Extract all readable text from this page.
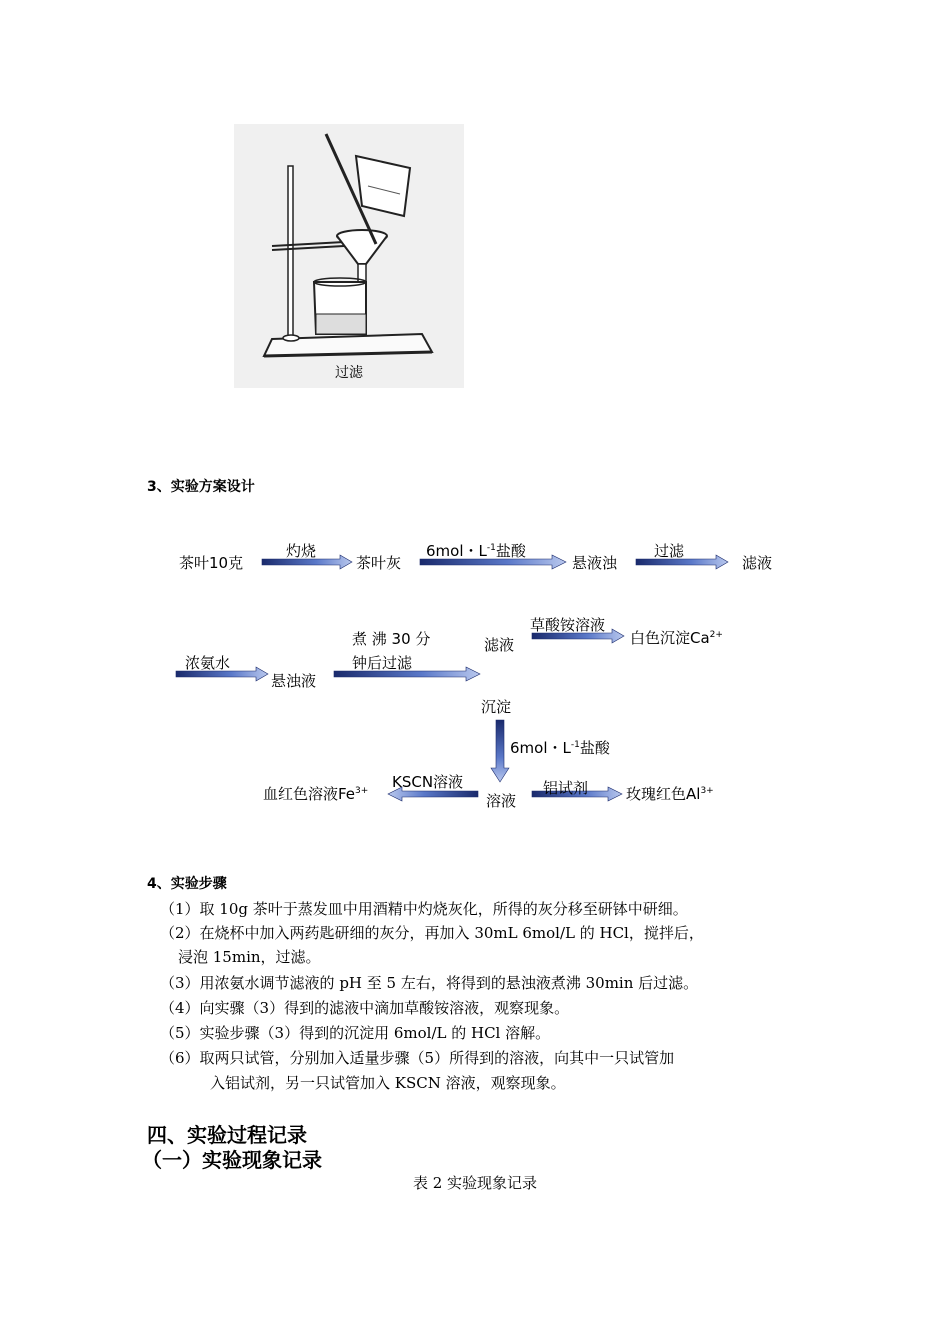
过滤
3、实验方案设计
茶叶10克
灼烧
茶叶灰
6mol・$L^{-1}$盐酸
悬液浊
过滤
滤液
浓氨水
悬浊液
煮 沸 30 分
钟后过滤
滤液
草酸铵溶液
白色沉淀$Ca^{2+}$
沉淀
6mol・$L^{-1}$盐酸
血红色溶液$Fe^{3+}$ KSCN溶液
溶液
铝试剂	玫瑰红色$Al^{3+}$
4、实验步骤
（1）取 10g 茶叶于蒸发皿中用酒精中灼烧灰化，所得的灰分移至研钵中研细。
（2）在烧杯中加入两药匙研细的灰分，再加入 30mL 6mol/L 的 HCl，搅拌后，
浸泡 15min，过滤。
（3）用浓氨水调节滤液的 pH 至 5 左右，将得到的悬浊液煮沸 30min 后过滤。
（4）向实骤（3）得到的滤液中滴加草酸铵溶液，观察现象。
（5）实验步骤（3）得到的沉淀用 6mol/L 的 HCl 溶解。
（6）取两只试管，分别加入适量步骤（5）所得到的溶液，向其中一只试管加
入铝试剂，另一只试管加入 KSCN 溶液，观察现象。
四、实验过程记录
（一）实验现象记录
表 2 实验现象记录
